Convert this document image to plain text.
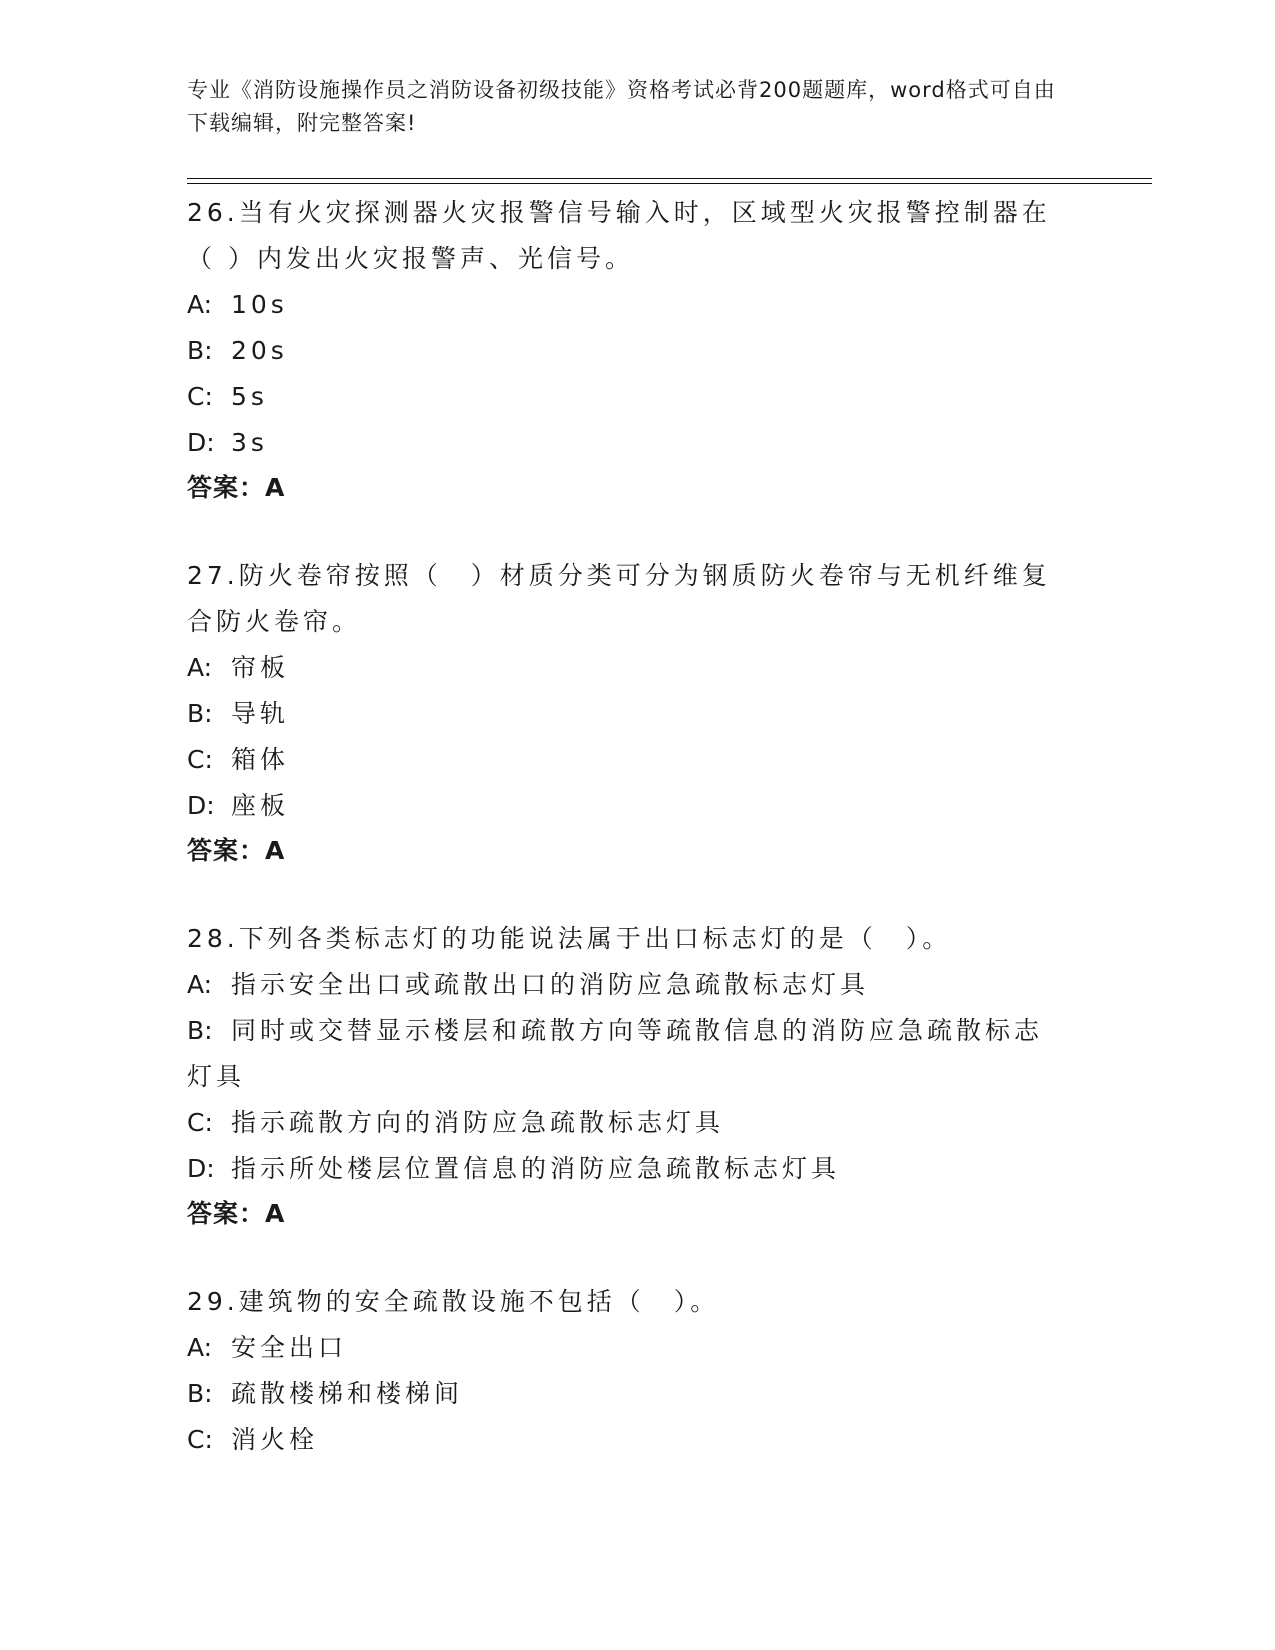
专业《消防设施操作员之消防设备初级技能》资格考试必背200题题库，word格式可自由下载编辑，附完整答案!
26.当有火灾探测器火灾报警信号输入时，区域型火灾报警控制器在（ ）内发出火灾报警声、光信号。
A: 10s
B: 20s
C: 5s
D: 3s
答案：A
27.防火卷帘按照（　）材质分类可分为钢质防火卷帘与无机纤维复合防火卷帘。
A: 帘板
B: 导轨
C: 箱体
D: 座板
答案：A
28.下列各类标志灯的功能说法属于出口标志灯的是（　）。
A: 指示安全出口或疏散出口的消防应急疏散标志灯具
B: 同时或交替显示楼层和疏散方向等疏散信息的消防应急疏散标志灯具
C: 指示疏散方向的消防应急疏散标志灯具
D: 指示所处楼层位置信息的消防应急疏散标志灯具
答案：A
29.建筑物的安全疏散设施不包括（　）。
A: 安全出口
B: 疏散楼梯和楼梯间
C: 消火栓
